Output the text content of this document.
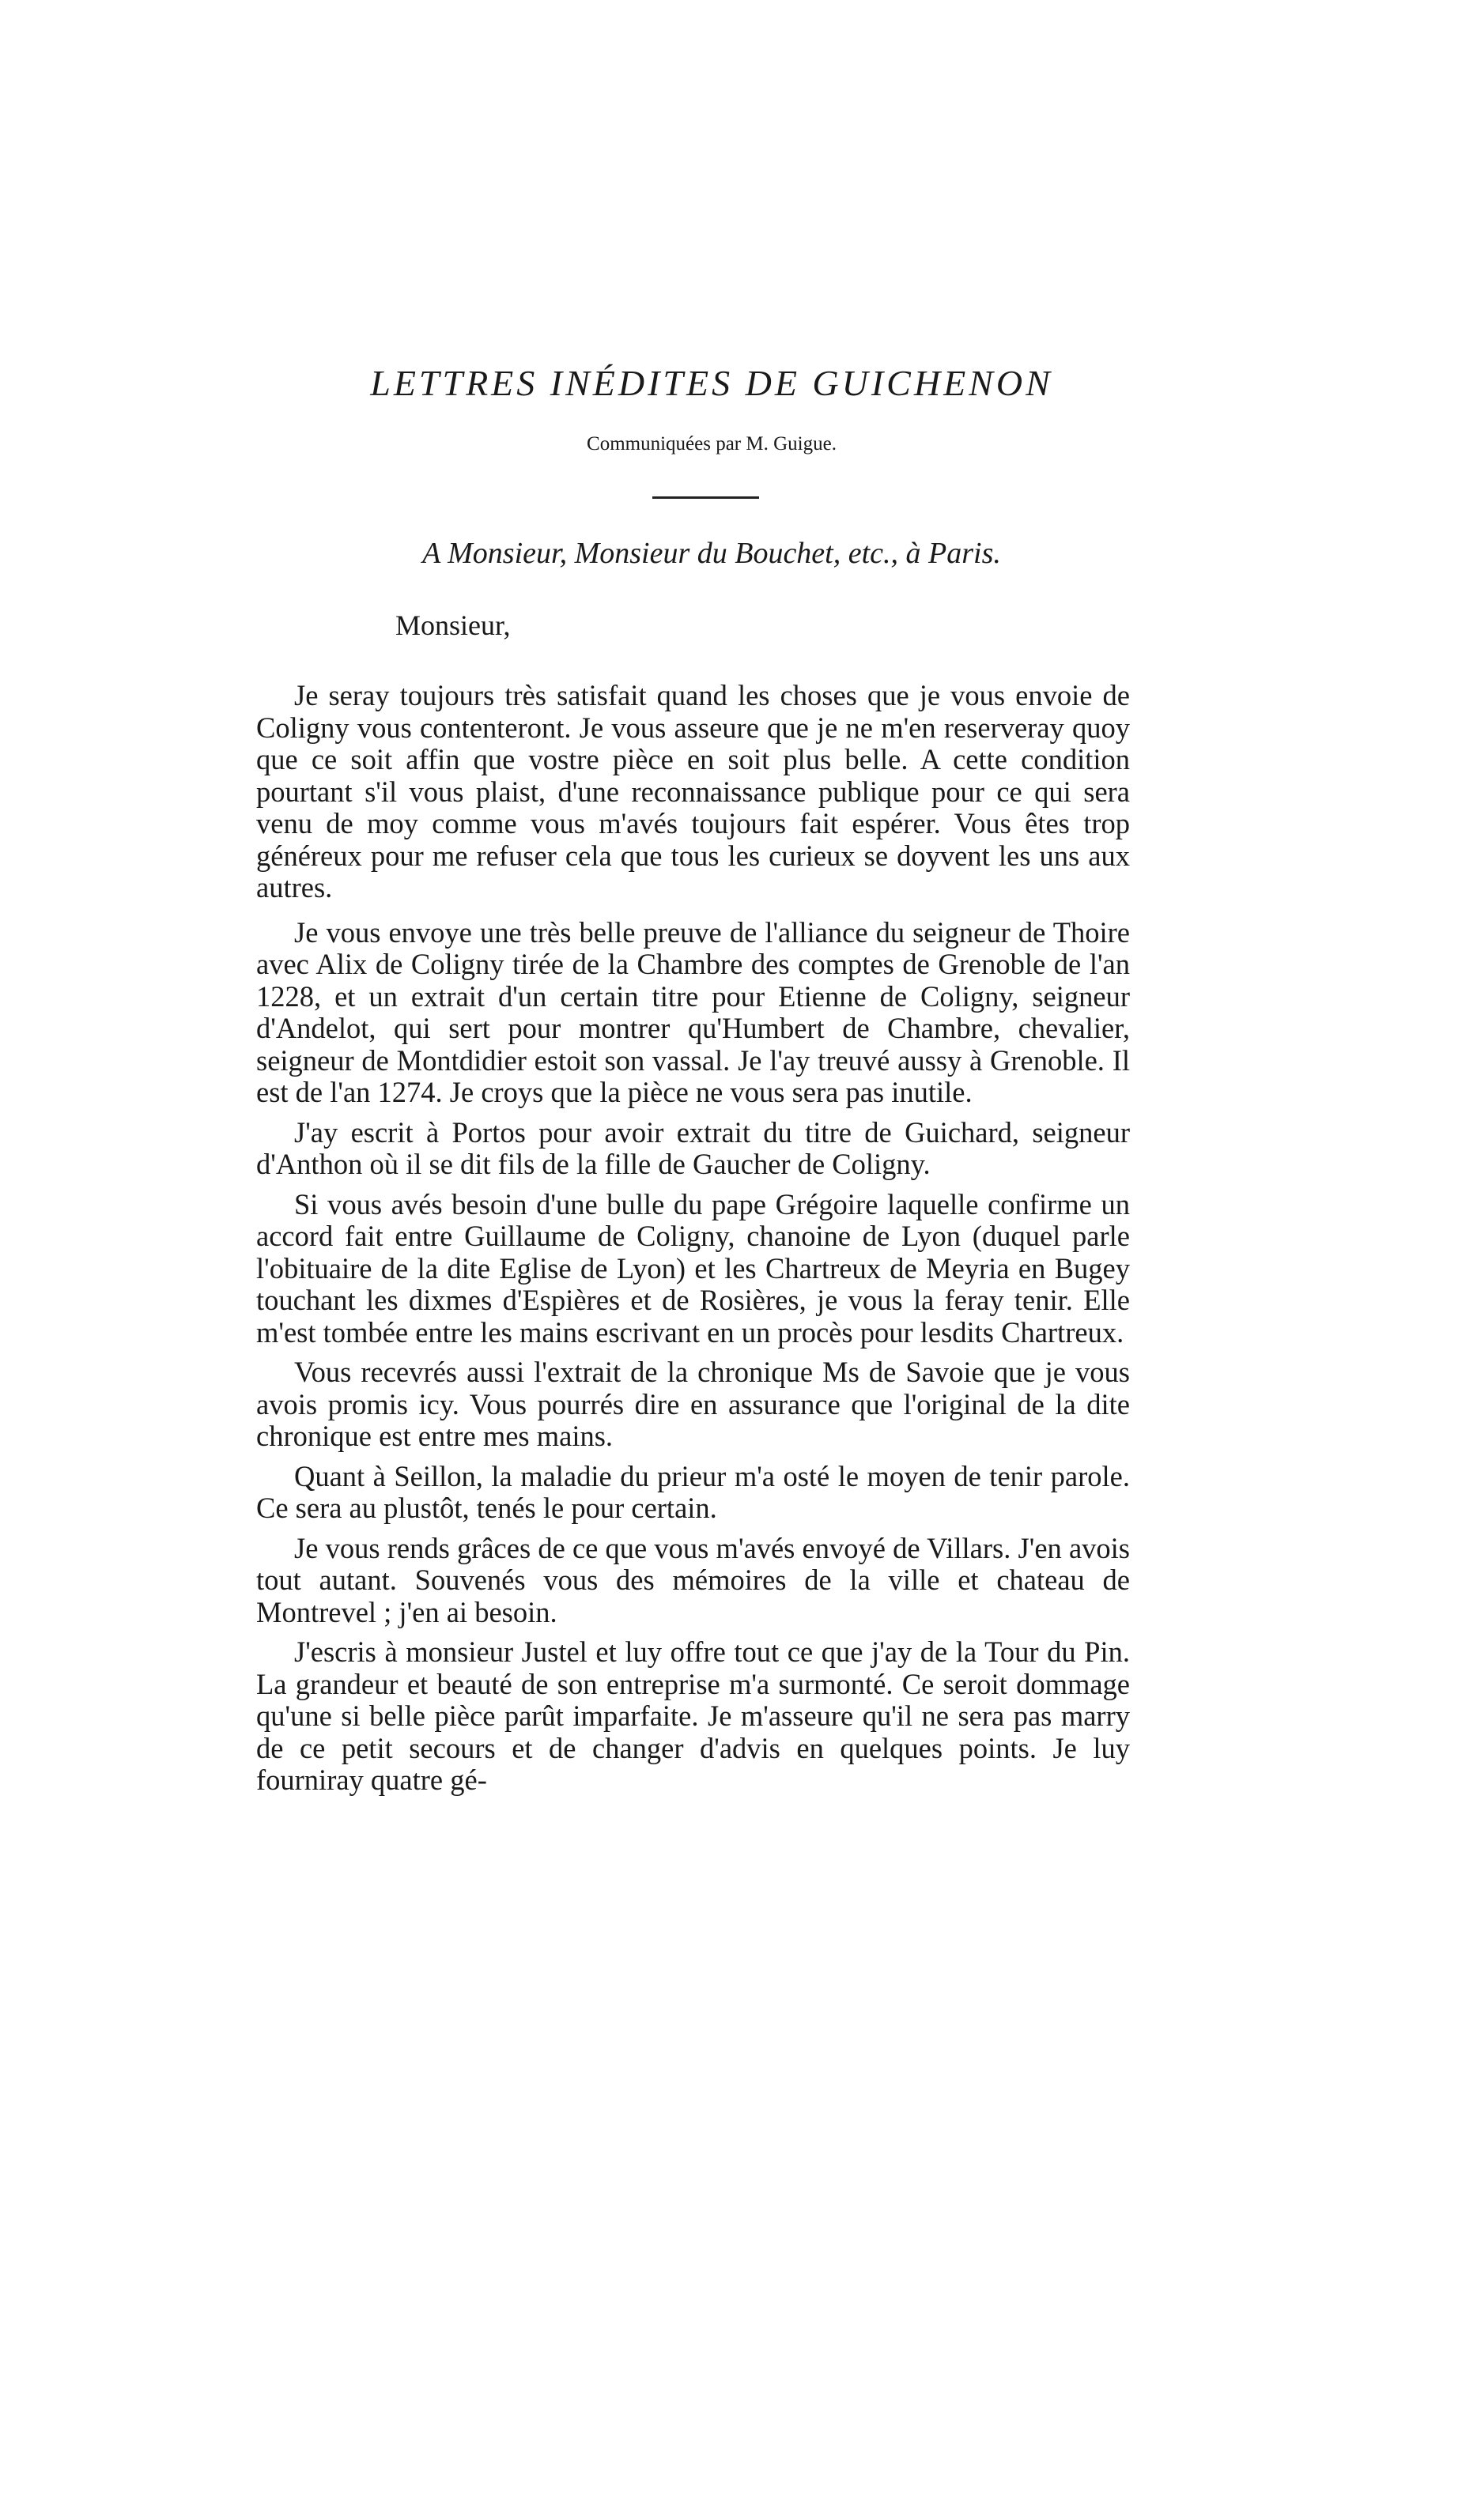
LETTRES INÉDITES DE GUICHENON
Communiquées par M. Guigue.
A Monsieur, Monsieur du Bouchet, etc., à Paris.
Monsieur,

Je seray toujours très satisfait quand les choses que je vous envoie de Coligny vous contenteront. Je vous asseure que je ne m'en reserveray quoy que ce soit affin que vostre pièce en soit plus belle. A cette condition pourtant s'il vous plaist, d'une reconnaissance publique pour ce qui sera venu de moy comme vous m'avés toujours fait espérer. Vous êtes trop généreux pour me refuser cela que tous les curieux se doyvent les uns aux autres.

Je vous envoye une très belle preuve de l'alliance du seigneur de Thoire avec Alix de Coligny tirée de la Chambre des comptes de Grenoble de l'an 1228, et un extrait d'un certain titre pour Etienne de Coligny, seigneur d'Andelot, qui sert pour montrer qu'Humbert de Chambre, chevalier, seigneur de Montdidier estoit son vassal. Je l'ay treuvé aussy à Grenoble. Il est de l'an 1274. Je croys que la pièce ne vous sera pas inutile.

J'ay escrit à Portos pour avoir extrait du titre de Guichard, seigneur d'Anthon où il se dit fils de la fille de Gaucher de Coligny.

Si vous avés besoin d'une bulle du pape Grégoire laquelle confirme un accord fait entre Guillaume de Coligny, chanoine de Lyon (duquel parle l'obituaire de la dite Eglise de Lyon) et les Chartreux de Meyria en Bugey touchant les dixmes d'Espières et de Rosières, je vous la feray tenir. Elle m'est tombée entre les mains escrivant en un procès pour lesdits Chartreux.

Vous recevrés aussi l'extrait de la chronique Ms de Savoie que je vous avois promis icy. Vous pourrés dire en assurance que l'original de la dite chronique est entre mes mains.

Quant à Seillon, la maladie du prieur m'a osté le moyen de tenir parole. Ce sera au plustôt, tenés le pour certain.

Je vous rends grâces de ce que vous m'avés envoyé de Villars. J'en avois tout autant. Souvenés vous des mémoires de la ville et chateau de Montrevel ; j'en ai besoin.

J'escris à monsieur Justel et luy offre tout ce que j'ay de la Tour du Pin. La grandeur et beauté de son entreprise m'a surmonté. Ce seroit dommage qu'une si belle pièce parût imparfaite. Je m'asseure qu'il ne sera pas marry de ce petit secours et de changer d'advis en quelques points. Je luy fourniray quatre gé-
